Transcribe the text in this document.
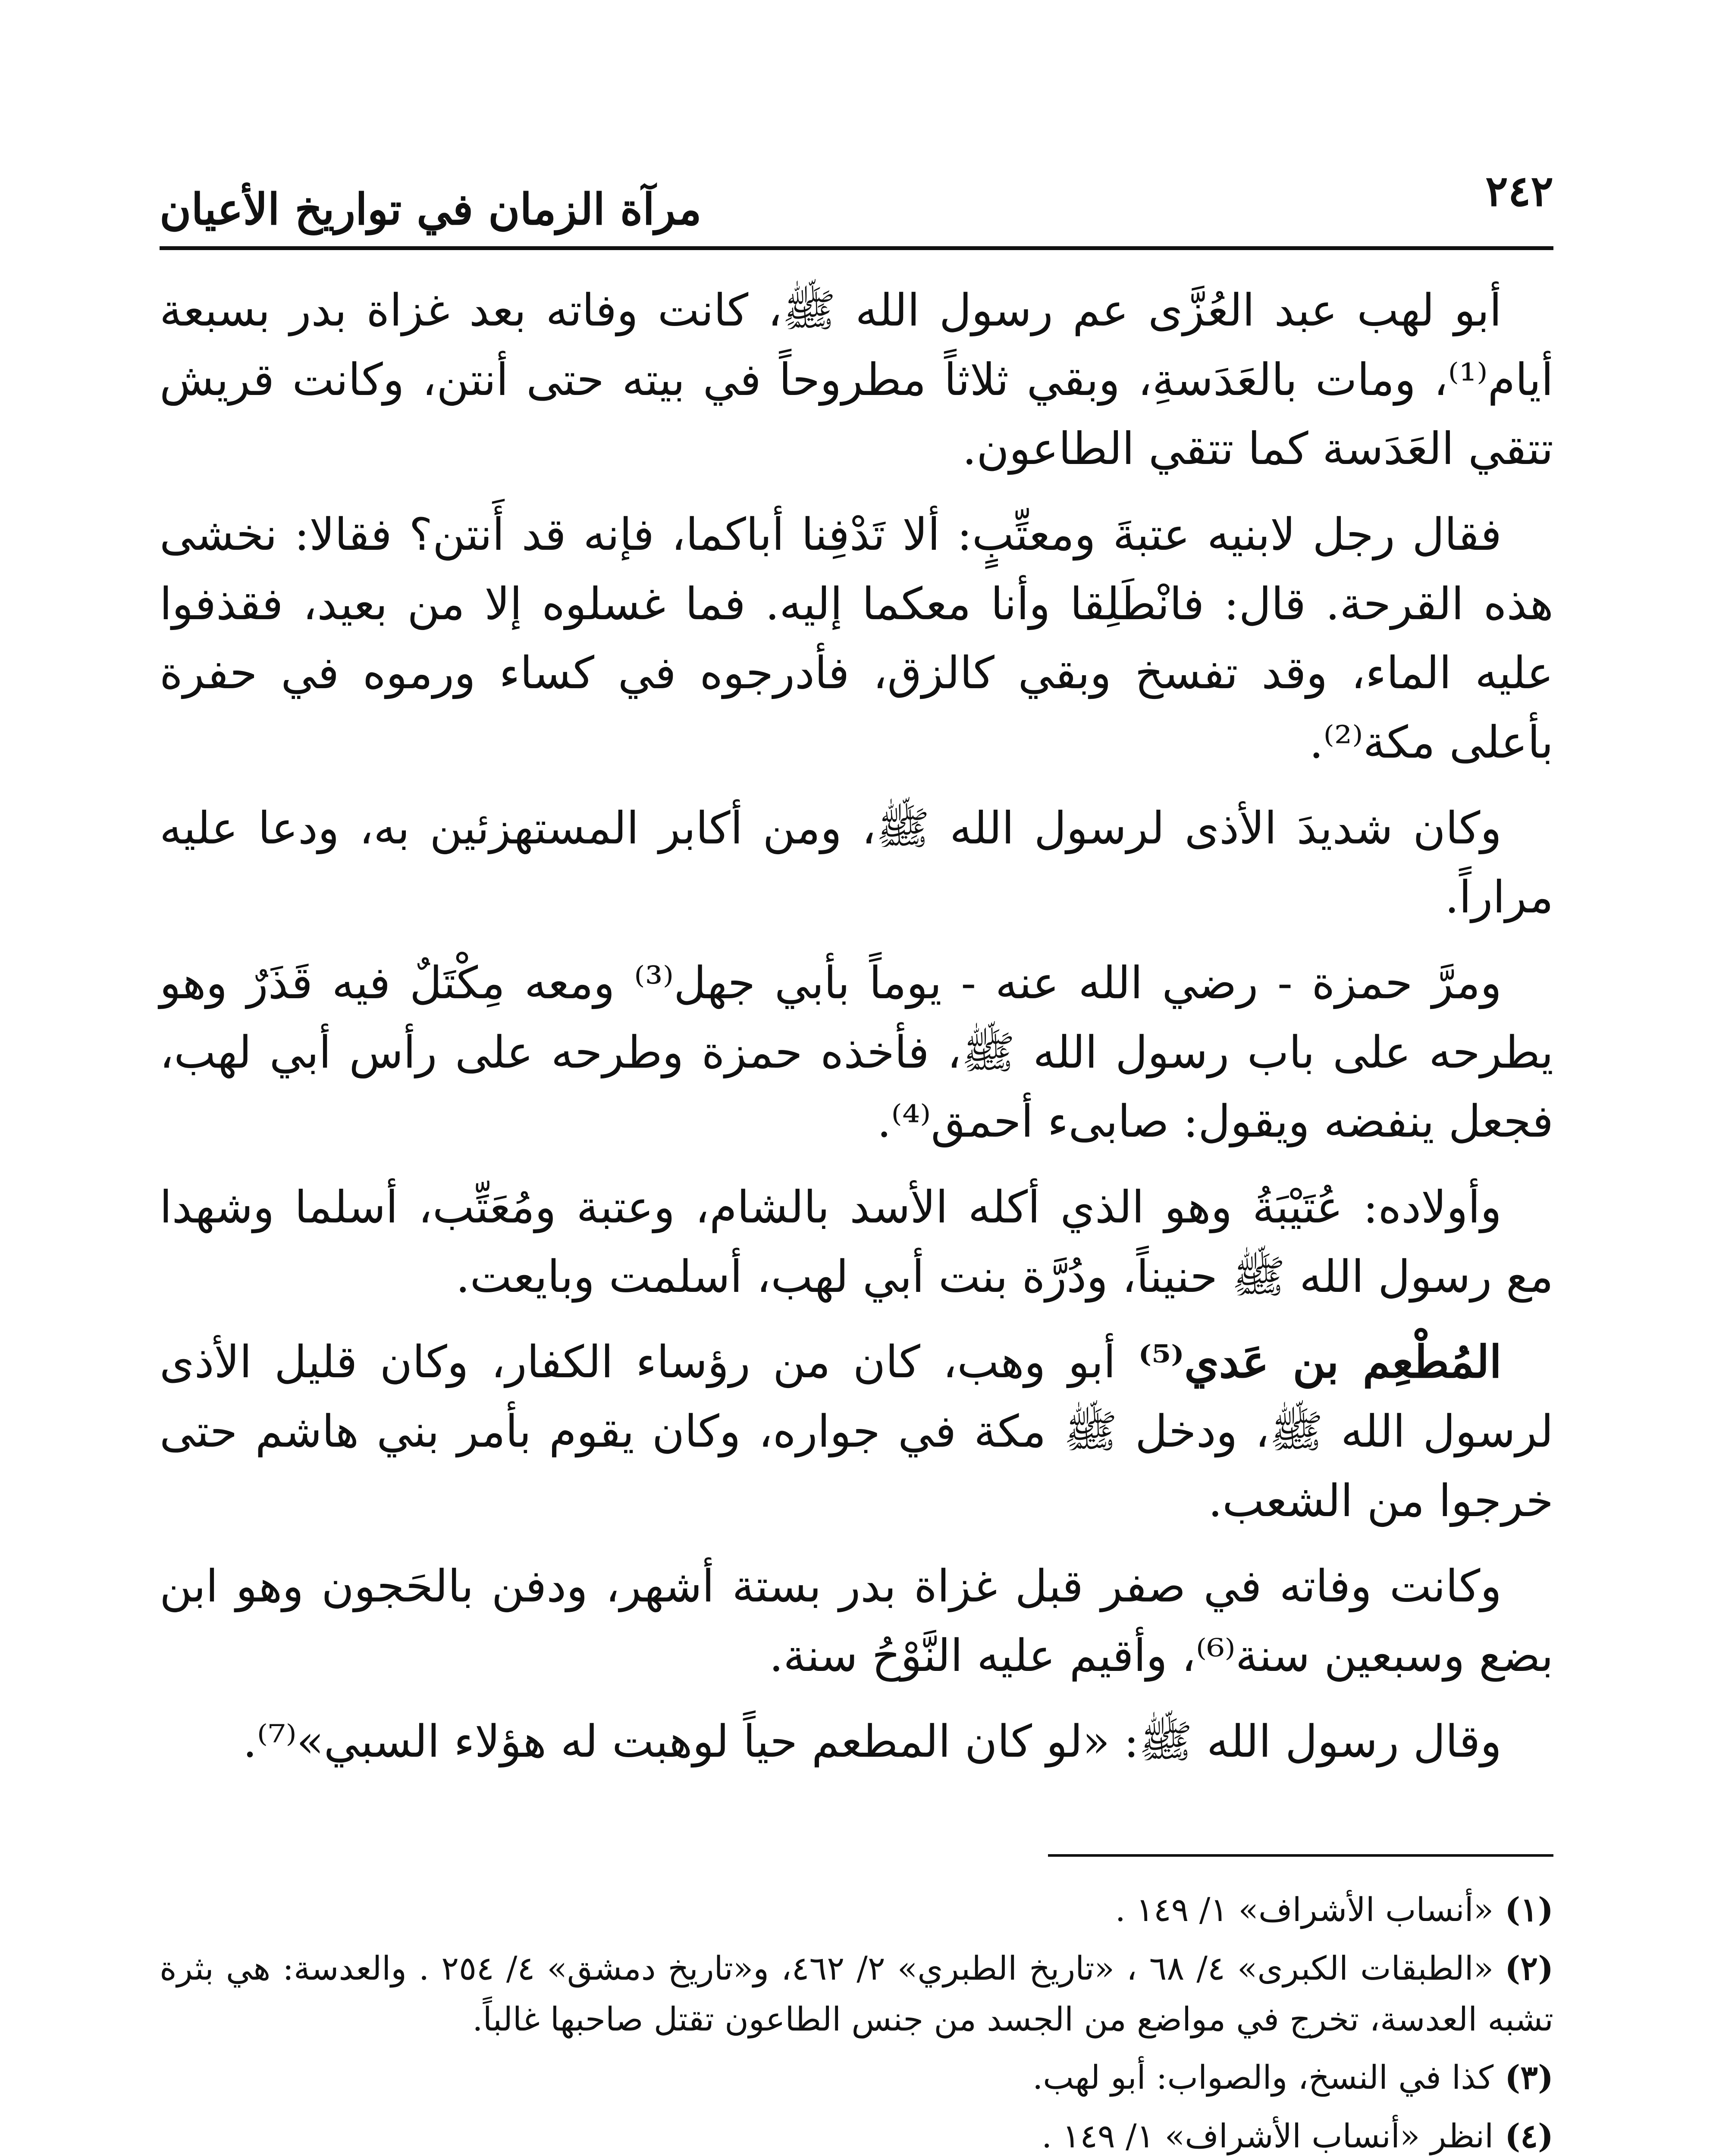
٢٤٢
مرآة الزمان في تواريخ الأعيان

أبو لهب عبد العُزَّى عم رسول الله ﷺ، كانت وفاته بعد غزاة بدر بسبعة أيام⁽¹⁾، ومات بالعَدَسةِ، وبقي ثلاثاً مطروحاً في بيته حتى أنتن، وكانت قريش تتقي العَدَسة كما تتقي الطاعون.

فقال رجل لابنيه عتبةَ ومعتِّبٍ: ألا تَدْفِنا أباكما، فإنه قد أَنتن؟ فقالا: نخشى هذه القرحة. قال: فانْطَلِقا وأنا معكما إليه. فما غسلوه إلا من بعيد، فقذفوا عليه الماء، وقد تفسخ وبقي كالزق، فأدرجوه في كساء ورموه في حفرة بأعلى مكة⁽²⁾.

وكان شديدَ الأذى لرسول الله ﷺ، ومن أكابر المستهزئين به، ودعا عليه مراراً.

ومرَّ حمزة - رضي الله عنه - يوماً بأبي جهل⁽³⁾ ومعه مِكْتَلٌ فيه قَذَرٌ وهو يطرحه على باب رسول الله ﷺ، فأخذه حمزة وطرحه على رأس أبي لهب، فجعل ينفضه ويقول: صابىء أحمق⁽⁴⁾.

وأولاده: عُتَيْبَةُ وهو الذي أكله الأسد بالشام، وعتبة ومُعَتِّب، أسلما وشهدا مع رسول الله ﷺ حنيناً، ودُرَّة بنت أبي لهب، أسلمت وبايعت.

المُطْعِم بن عَدي⁽⁵⁾ أبو وهب، كان من رؤساء الكفار، وكان قليل الأذى لرسول الله ﷺ، ودخل ﷺ مكة في جواره، وكان يقوم بأمر بني هاشم حتى خرجوا من الشعب.

وكانت وفاته في صفر قبل غزاة بدر بستة أشهر، ودفن بالحَجون وهو ابن بضع وسبعين سنة⁽⁶⁾، وأقيم عليه النَّوْحُ سنة.

وقال رسول الله ﷺ: «لو كان المطعم حياً لوهبت له هؤلاء السبي»⁽⁷⁾.

(١)«أنساب الأشراف» ١/ ١٤٩ .
(٢)«الطبقات الكبرى» ٤/ ٦٨ ، «تاريخ الطبري» ٢/ ٤٦٢، و«تاريخ دمشق» ٤/ ٢٥٤ . والعدسة: هي بثرة تشبه العدسة، تخرج في مواضع من الجسد من جنس الطاعون تقتل صاحبها غالباً.
(٣)كذا في النسخ، والصواب: أبو لهب.
(٤)انظر «أنساب الأشراف» ١/ ١٤٩ .
